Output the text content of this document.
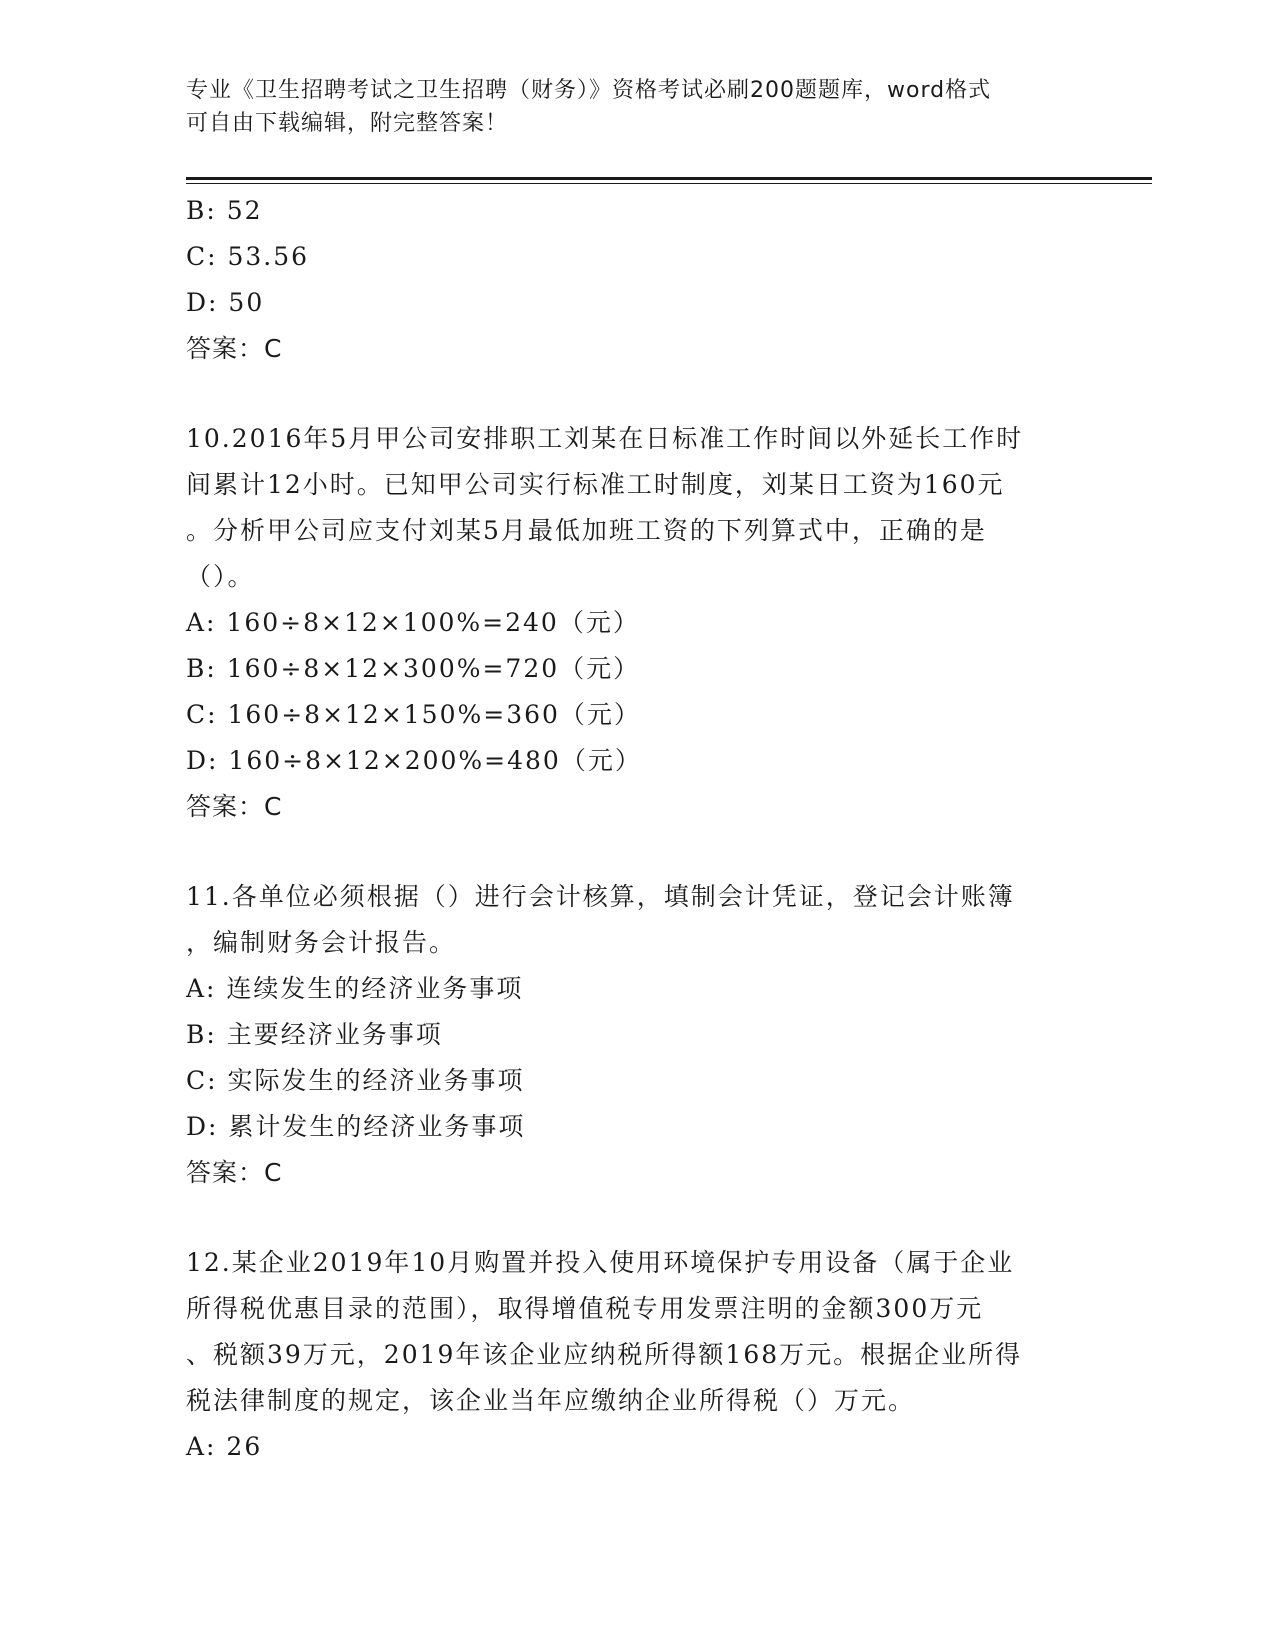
专业《卫生招聘考试之卫生招聘（财务）》资格考试必刷200题题库，word格式
可自由下载编辑，附完整答案！
B: 52
C: 53.56
D: 50
答案：C
10.2016年5月甲公司安排职工刘某在日标准工作时间以外延长工作时
间累计12小时。已知甲公司实行标准工时制度，刘某日工资为160元
。分析甲公司应支付刘某5月最低加班工资的下列算式中，正确的是
（）。
A: 160÷8×12×100%=240（元）
B: 160÷8×12×300%=720（元）
C: 160÷8×12×150%=360（元）
D: 160÷8×12×200%=480（元）
答案：C
11.各单位必须根据（）进行会计核算，填制会计凭证，登记会计账簿
，编制财务会计报告。
A: 连续发生的经济业务事项
B: 主要经济业务事项
C: 实际发生的经济业务事项
D: 累计发生的经济业务事项
答案：C
12.某企业2019年10月购置并投入使用环境保护专用设备（属于企业
所得税优惠目录的范围），取得增值税专用发票注明的金额300万元
、税额39万元，2019年该企业应纳税所得额168万元。根据企业所得
税法律制度的规定，该企业当年应缴纳企业所得税（）万元。
A: 26
